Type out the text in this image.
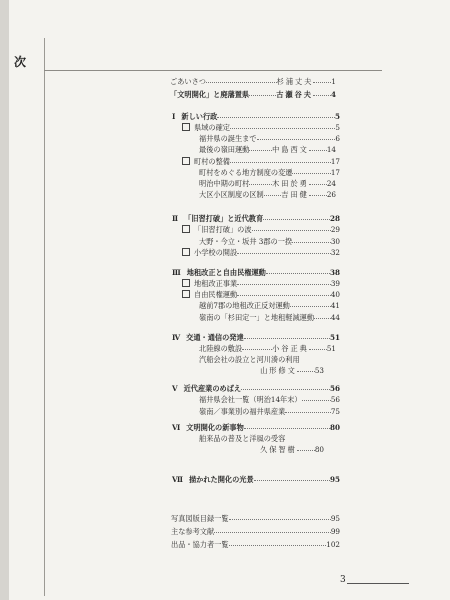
次
ごあいさつ	杉浦丈夫	1
「文明開化」と廃藩置県	古瀬谷夫	4
Ⅰ 新しい行政	5
県域の確定	5
福井県の誕生まで	6
最後の嶺田運動	中島西文	14
町村の整備	17
町村をめぐる地方制度の変遷	17
明治中期の町村	木田於勇	24
大区小区制度の区制 吉田健	26
Ⅱ 「旧習打破」と近代教育	28
「旧習打破」の波	29
大野・今立・坂井 3郡の一揆	30
小学校の開設	32
Ⅲ 地租改正と自由民権運動	38
地租改正事業	39
自由民権運動	40
越前7郡の地租改正反対運動	41
嶺南の「杉田定一」と地租軽減運動 44
Ⅳ 交通・通信の発達	51
北陸線の敷設	小谷正典	51
汽船会社の設立と河川湊の利用
山形修文	53
Ⅴ 近代産業のめばえ	56
福井県会社一覧（明治14年末）	56
嶺南／事業別の福井県産業	75
Ⅵ 文明開化の新事物	80
舶来品の普及と洋風の受容
久保智樹	80
Ⅶ 描かれた開化の光景	95
写真図版目録一覧	95
主な参考文献	99
出品・協力者一覧	102
3
